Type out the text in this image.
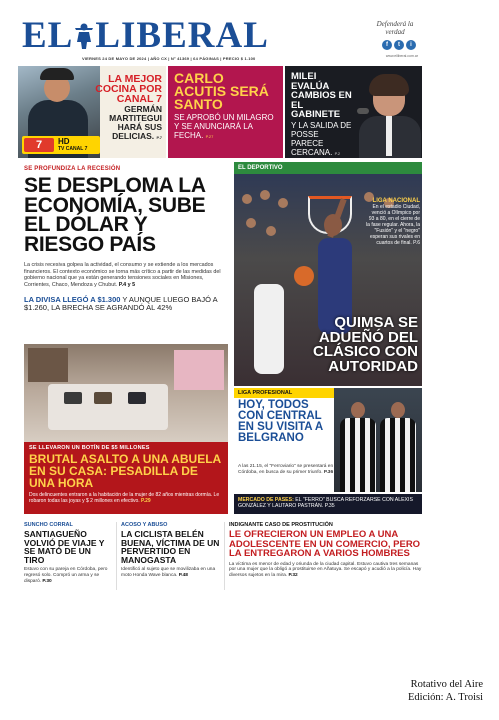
EL LIBERAL	Defenderá la verdad
f	t	i
www.elliberal.com.ar
VIERNES 24 DE MAYO DE 2024 | AÑO CX | N° 41369 | 64 PÁGINAS | PRECIO $ 1.100
LA MEJOR COCINA POR CANAL 7
GERMÁN MARTITEGUI HARÁ SUS DELICIAS. P.7
7	HD
TV CANAL 7
CARLO ACUTIS SERÁ SANTO
SE APROBÓ UN MILAGRO Y SE ANUNCIARÁ LA FECHA. P.27
MILEI EVALÚA CAMBIOS EN EL GABINETE
Y LA SALIDA DE POSSE PARECE CERCANA. P.2
SE PROFUNDIZA LA RECESIÓN
SE DESPLOMA LA ECONOMÍA, SUBE EL DÓLAR Y RIESGO PAÍS
La crisis recesiva golpea la actividad, el consumo y se extiende a los mercados financieros. El contexto económico se torna más crítico a partir de las medidas del gobierno nacional que ya están generando tensiones sociales en Misiones, Corrientes, Chaco, Mendoza y Chubut. P.4 y 5
LA DIVISA LLEGÓ A $1.300 Y AUNQUE LUEGO BAJÓ A $1.260, LA BRECHA SE AGRANDÓ AL 42%
SE LLEVARON UN BOTÍN DE $5 MILLONES
BRUTAL ASALTO A UNA ABUELA EN SU CASA: PESADILLA DE UNA HORA
Dos delincuentes entraron a la habitación de la mujer de 82 años mientras dormía. Le robaron todas las joyas y $ 2 millones en efectivo. P.29
EL DEPORTIVO
LIGA NACIONAL
En el estadio Ciudad, venció a Olímpico por 93 a 80, en el cierre de la fase regular. Ahora, la "Fusión" y el "negro" esperan sus rivales en cuartos de final. P.6
QUIMSA SE ADUEÑÓ DEL CLÁSICO CON AUTORIDAD
LIGA PROFESIONAL
HOY, TODOS CON CENTRAL EN SU VISITA A BELGRANO
A las 21.15, el "Ferroviario" se presentará en Córdoba, en busca de su primer triunfo. P.36
MERCADO DE PASES: EL "FERRO" BUSCA REFORZARSE CON ALEXIS GONZÁLEZ Y LAUTARO PASTRÁN. P.35
SUNCHO CORRAL
SANTIAGUEÑO VOLVIÓ DE VIAJE Y SE MATÓ DE UN TIRO
Estuvo con su pareja en Córdoba, pero regresó solo. Compró un arma y se disparó. P.30
ACOSO Y ABUSO
LA CICLISTA BELÉN BUENA, VÍCTIMA DE UN PERVERTIDO EN MANOGASTA
Identificó al sujeto que se movilizaba en una moto Honda Wave blanca. P.48
INDIGNANTE CASO DE PROSTITUCIÓN
LE OFRECIERON UN EMPLEO A UNA ADOLESCENTE EN UN COMERCIO, PERO LA ENTREGARON A VARIOS HOMBRES
La víctima es menor de edad y oriunda de la ciudad capital. Estuvo cautiva tres semanas por una mujer que la obligó a prostituirse en Añatuya. Se escapó y acudió a la policía. Hay diversos sujetos en la mira. P.32
Rotativo del Aire
Edición: A. Troisi
